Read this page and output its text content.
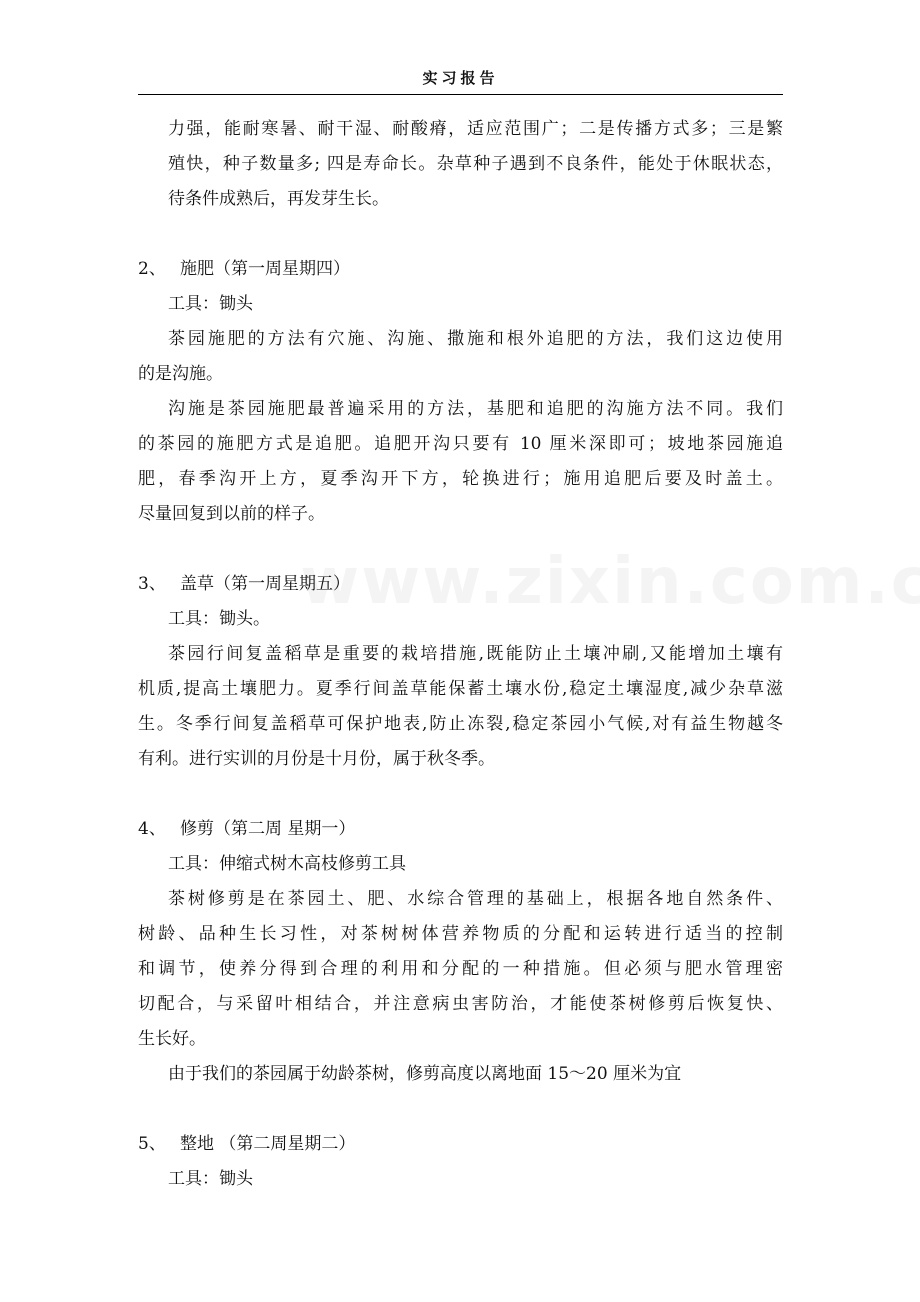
实习报告
力强，能耐寒暑、耐干湿、耐酸瘠，适应范围广；二是传播方式多；三是繁
殖快，种子数量多; 四是寿命长。杂草种子遇到不良条件，能处于休眠状态，
待条件成熟后，再发芽生长。
2、 施肥（第一周星期四）
工具：锄头
茶园施肥的方法有穴施、沟施、撒施和根外追肥的方法，我们这边使用
的是沟施。
沟施是茶园施肥最普遍采用的方法，基肥和追肥的沟施方法不同。我们
的茶园的施肥方式是追肥。追肥开沟只要有 10 厘米深即可；坡地茶园施追
肥，春季沟开上方，夏季沟开下方，轮换进行；施用追肥后要及时盖土。
尽量回复到以前的样子。
3、 盖草（第一周星期五）
工具：锄头。
茶园行间复盖稻草是重要的栽培措施,既能防止土壤冲刷,又能增加土壤有
机质,提高土壤肥力。夏季行间盖草能保蓄土壤水份,稳定土壤湿度,减少杂草滋
生。冬季行间复盖稻草可保护地表,防止冻裂,稳定茶园小气候,对有益生物越冬
有利。进行实训的月份是十月份，属于秋冬季。
4、 修剪（第二周 星期一）
工具：伸缩式树木高枝修剪工具
茶树修剪是在茶园土、肥、水综合管理的基础上，根据各地自然条件、
树龄、品种生长习性，对茶树树体营养物质的分配和运转进行适当的控制
和调节，使养分得到合理的利用和分配的一种措施。但必须与肥水管理密
切配合，与采留叶相结合，并注意病虫害防治，才能使茶树修剪后恢复快、
生长好。
由于我们的茶园属于幼龄茶树，修剪高度以离地面 15～20 厘米为宜
5、 整地 （第二周星期二）
工具：锄头
